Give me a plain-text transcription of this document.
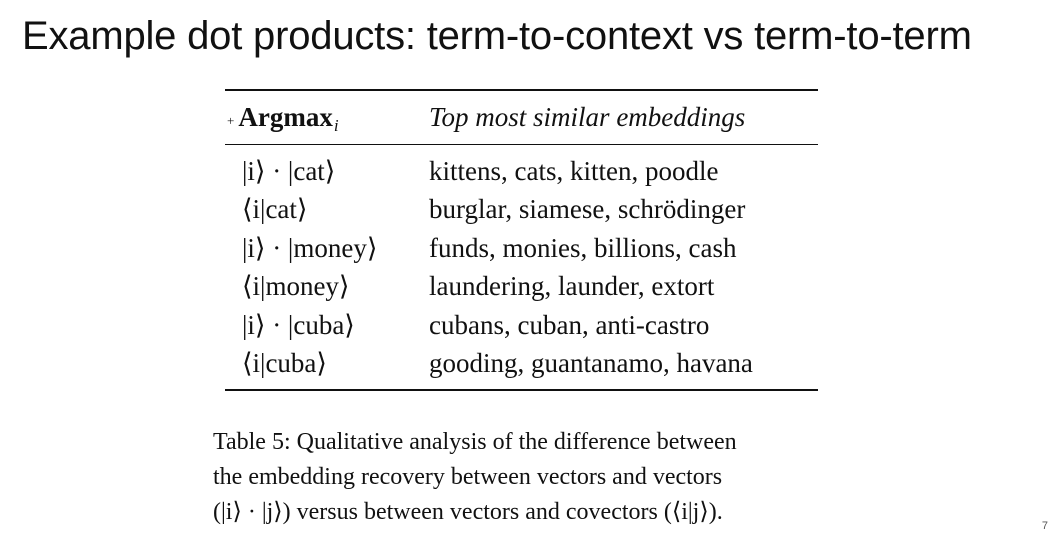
Example dot products: term-to-context vs term-to-term
+ Argmax i	Top most similar embeddings
|i⟩ · |cat⟩	kittens, cats, kitten, poodle
⟨i|cat⟩	burglar, siamese, schrödinger
|i⟩ · |money⟩	funds, monies, billions, cash
⟨i|money⟩	laundering, launder, extort
|i⟩ · |cuba⟩	cubans, cuban, anti-castro
⟨i|cuba⟩	gooding, guantanamo, havana

Table 5: Qualitative analysis of the difference between
the embedding recovery between vectors and vectors
(|i⟩ · |j⟩) versus between vectors and covectors (⟨i|j⟩).

7
